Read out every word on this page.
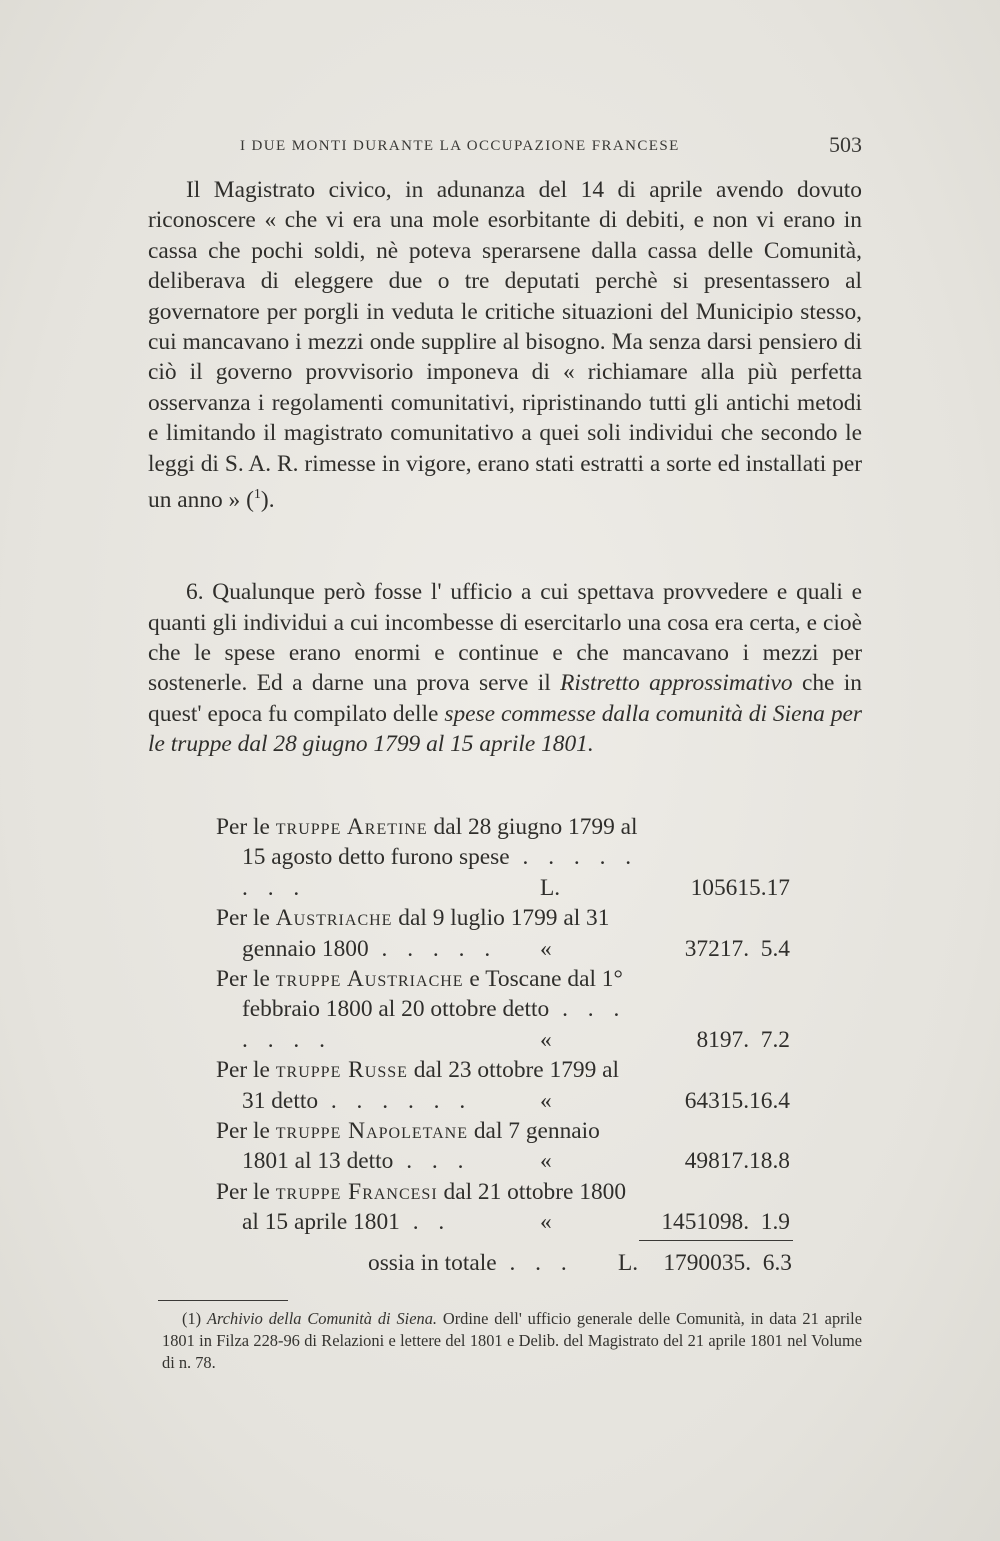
I DUE MONTI DURANTE LA OCCUPAZIONE FRANCESE	503

Il Magistrato civico, in adunanza del 14 di aprile avendo dovuto riconoscere « che vi era una mole esorbitante di debiti, e non vi erano in cassa che pochi soldi, nè poteva sperarsene dalla cassa delle Comunità, deliberava di eleggere due o tre deputati perchè si presentassero al governatore per porgli in veduta le critiche situazioni del Municipio stesso, cui mancavano i mezzi onde supplire al bisogno. Ma senza darsi pensiero di ciò il governo provvisorio imponeva di « richiamare alla più perfetta osservanza i regolamenti comunitativi, ripristinando tutti gli antichi metodi e limitando il magistrato comunitativo a quei soli individui che secondo le leggi di S. A. R. rimesse in vigore, erano stati estratti a sorte ed installati per un anno » ($^1$).

6. Qualunque però fosse l' ufficio a cui spettava provvedere e quali e quanti gli individui a cui incombesse di esercitarlo una cosa era certa, e cioè che le spese erano enormi e continue e che mancavano i mezzi per sostenerle. Ed a darne una prova serve il Ristretto approssimativo che in quest' epoca fu compilato delle spese commesse dalla comunità di Siena per le truppe dal 28 giugno 1799 al 15 aprile 1801.

Per le truppe Aretine dal 28 giugno 1799 al 15 agosto detto furono spese . . . . . . . .	L.	105615.17
Per le Austriache dal 9 luglio 1799 al 31 gennaio 1800 . . . . .	«	37217.  5.4
Per le truppe Austriache e Toscane dal 1° febbraio 1800 al 20 ottobre detto . . . . . . .	«	8197.  7.2
Per le truppe Russe dal 23 ottobre 1799 al 31 detto . . . . . .	«	64315.16.4
Per le truppe Napoletane dal 7 gennaio 1801 al 13 detto . . .	«	49817.18.8
Per le truppe Francesi dal 21 ottobre 1800 al 15 aprile 1801 . .	«	1451098.  1.9
ossia in totale . . . L. 1790035.  6.3

(1) Archivio della Comunità di Siena. Ordine dell' ufficio generale delle Comunità, in data 21 aprile 1801 in Filza 228-96 di Relazioni e lettere del 1801 e Delib. del Magistrato del 21 aprile 1801 nel Volume di n. 78.
